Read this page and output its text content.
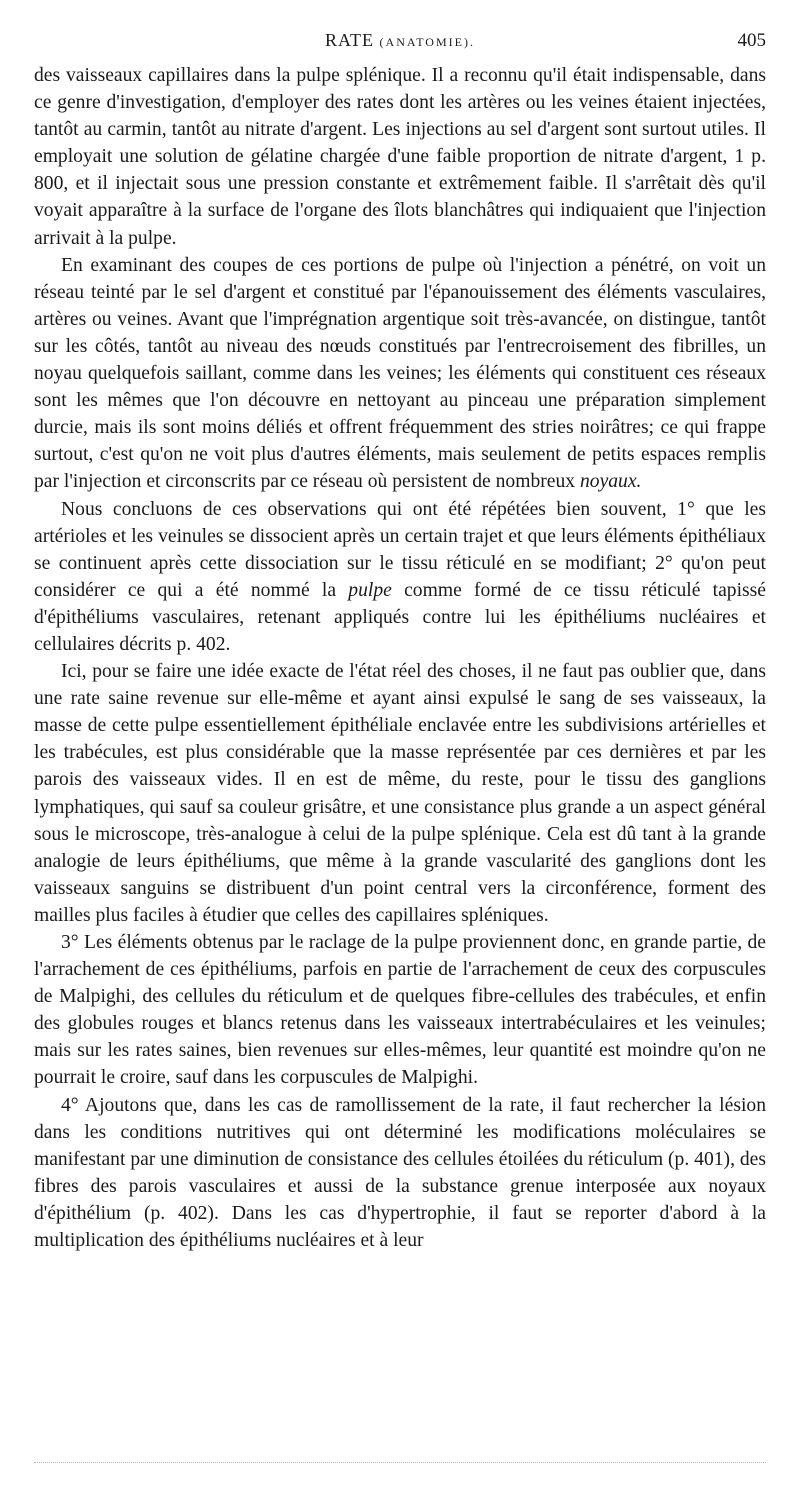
RATE (ANATOMIE).	405

des vaisseaux capillaires dans la pulpe splénique. Il a reconnu qu'il était indispensable, dans ce genre d'investigation, d'employer des rates dont les artères ou les veines étaient injectées, tantôt au carmin, tantôt au nitrate d'argent. Les injections au sel d'argent sont surtout utiles. Il employait une solution de gélatine chargée d'une faible proportion de nitrate d'argent, 1 p. 800, et il injectait sous une pression constante et extrêmement faible. Il s'arrêtait dès qu'il voyait apparaître à la surface de l'organe des îlots blanchâtres qui indiquaient que l'injection arrivait à la pulpe.

En examinant des coupes de ces portions de pulpe où l'injection a pénétré, on voit un réseau teinté par le sel d'argent et constitué par l'épanouissement des éléments vasculaires, artères ou veines. Avant que l'imprégnation argentique soit très-avancée, on distingue, tantôt sur les côtés, tantôt au niveau des nœuds constitués par l'entrecroisement des fibrilles, un noyau quelquefois saillant, comme dans les veines; les éléments qui constituent ces réseaux sont les mêmes que l'on découvre en nettoyant au pinceau une préparation simplement durcie, mais ils sont moins déliés et offrent fréquemment des stries noirâtres; ce qui frappe surtout, c'est qu'on ne voit plus d'autres éléments, mais seulement de petits espaces remplis par l'injection et circonscrits par ce réseau où persistent de nombreux noyaux.

Nous concluons de ces observations qui ont été répétées bien souvent, 1° que les artérioles et les veinules se dissocient après un certain trajet et que leurs éléments épithéliaux se continuent après cette dissociation sur le tissu réticulé en se modifiant; 2° qu'on peut considérer ce qui a été nommé la pulpe comme formé de ce tissu réticulé tapissé d'épithéliums vasculaires, retenant appliqués contre lui les épithéliums nucléaires et cellulaires décrits p. 402.

Ici, pour se faire une idée exacte de l'état réel des choses, il ne faut pas oublier que, dans une rate saine revenue sur elle-même et ayant ainsi expulsé le sang de ses vaisseaux, la masse de cette pulpe essentiellement épithéliale enclavée entre les subdivisions artérielles et les trabécules, est plus considérable que la masse représentée par ces dernières et par les parois des vaisseaux vides. Il en est de même, du reste, pour le tissu des ganglions lymphatiques, qui sauf sa couleur grisâtre, et une consistance plus grande a un aspect général sous le microscope, très-analogue à celui de la pulpe splénique. Cela est dû tant à la grande analogie de leurs épithéliums, que même à la grande vascularité des ganglions dont les vaisseaux sanguins se distribuent d'un point central vers la circonférence, forment des mailles plus faciles à étudier que celles des capillaires spléniques.

3° Les éléments obtenus par le raclage de la pulpe proviennent donc, en grande partie, de l'arrachement de ces épithéliums, parfois en partie de l'arrachement de ceux des corpuscules de Malpighi, des cellules du réticulum et de quelques fibre-cellules des trabécules, et enfin des globules rouges et blancs retenus dans les vaisseaux intertrabéculaires et les veinules; mais sur les rates saines, bien revenues sur elles-mêmes, leur quantité est moindre qu'on ne pourrait le croire, sauf dans les corpuscules de Malpighi.

4° Ajoutons que, dans les cas de ramollissement de la rate, il faut rechercher la lésion dans les conditions nutritives qui ont déterminé les modifications moléculaires se manifestant par une diminution de consistance des cellules étoilées du réticulum (p. 401), des fibres des parois vasculaires et aussi de la substance grenue interposée aux noyaux d'épithélium (p. 402). Dans les cas d'hypertrophie, il faut se reporter d'abord à la multiplication des épithéliums nucléaires et à leur
